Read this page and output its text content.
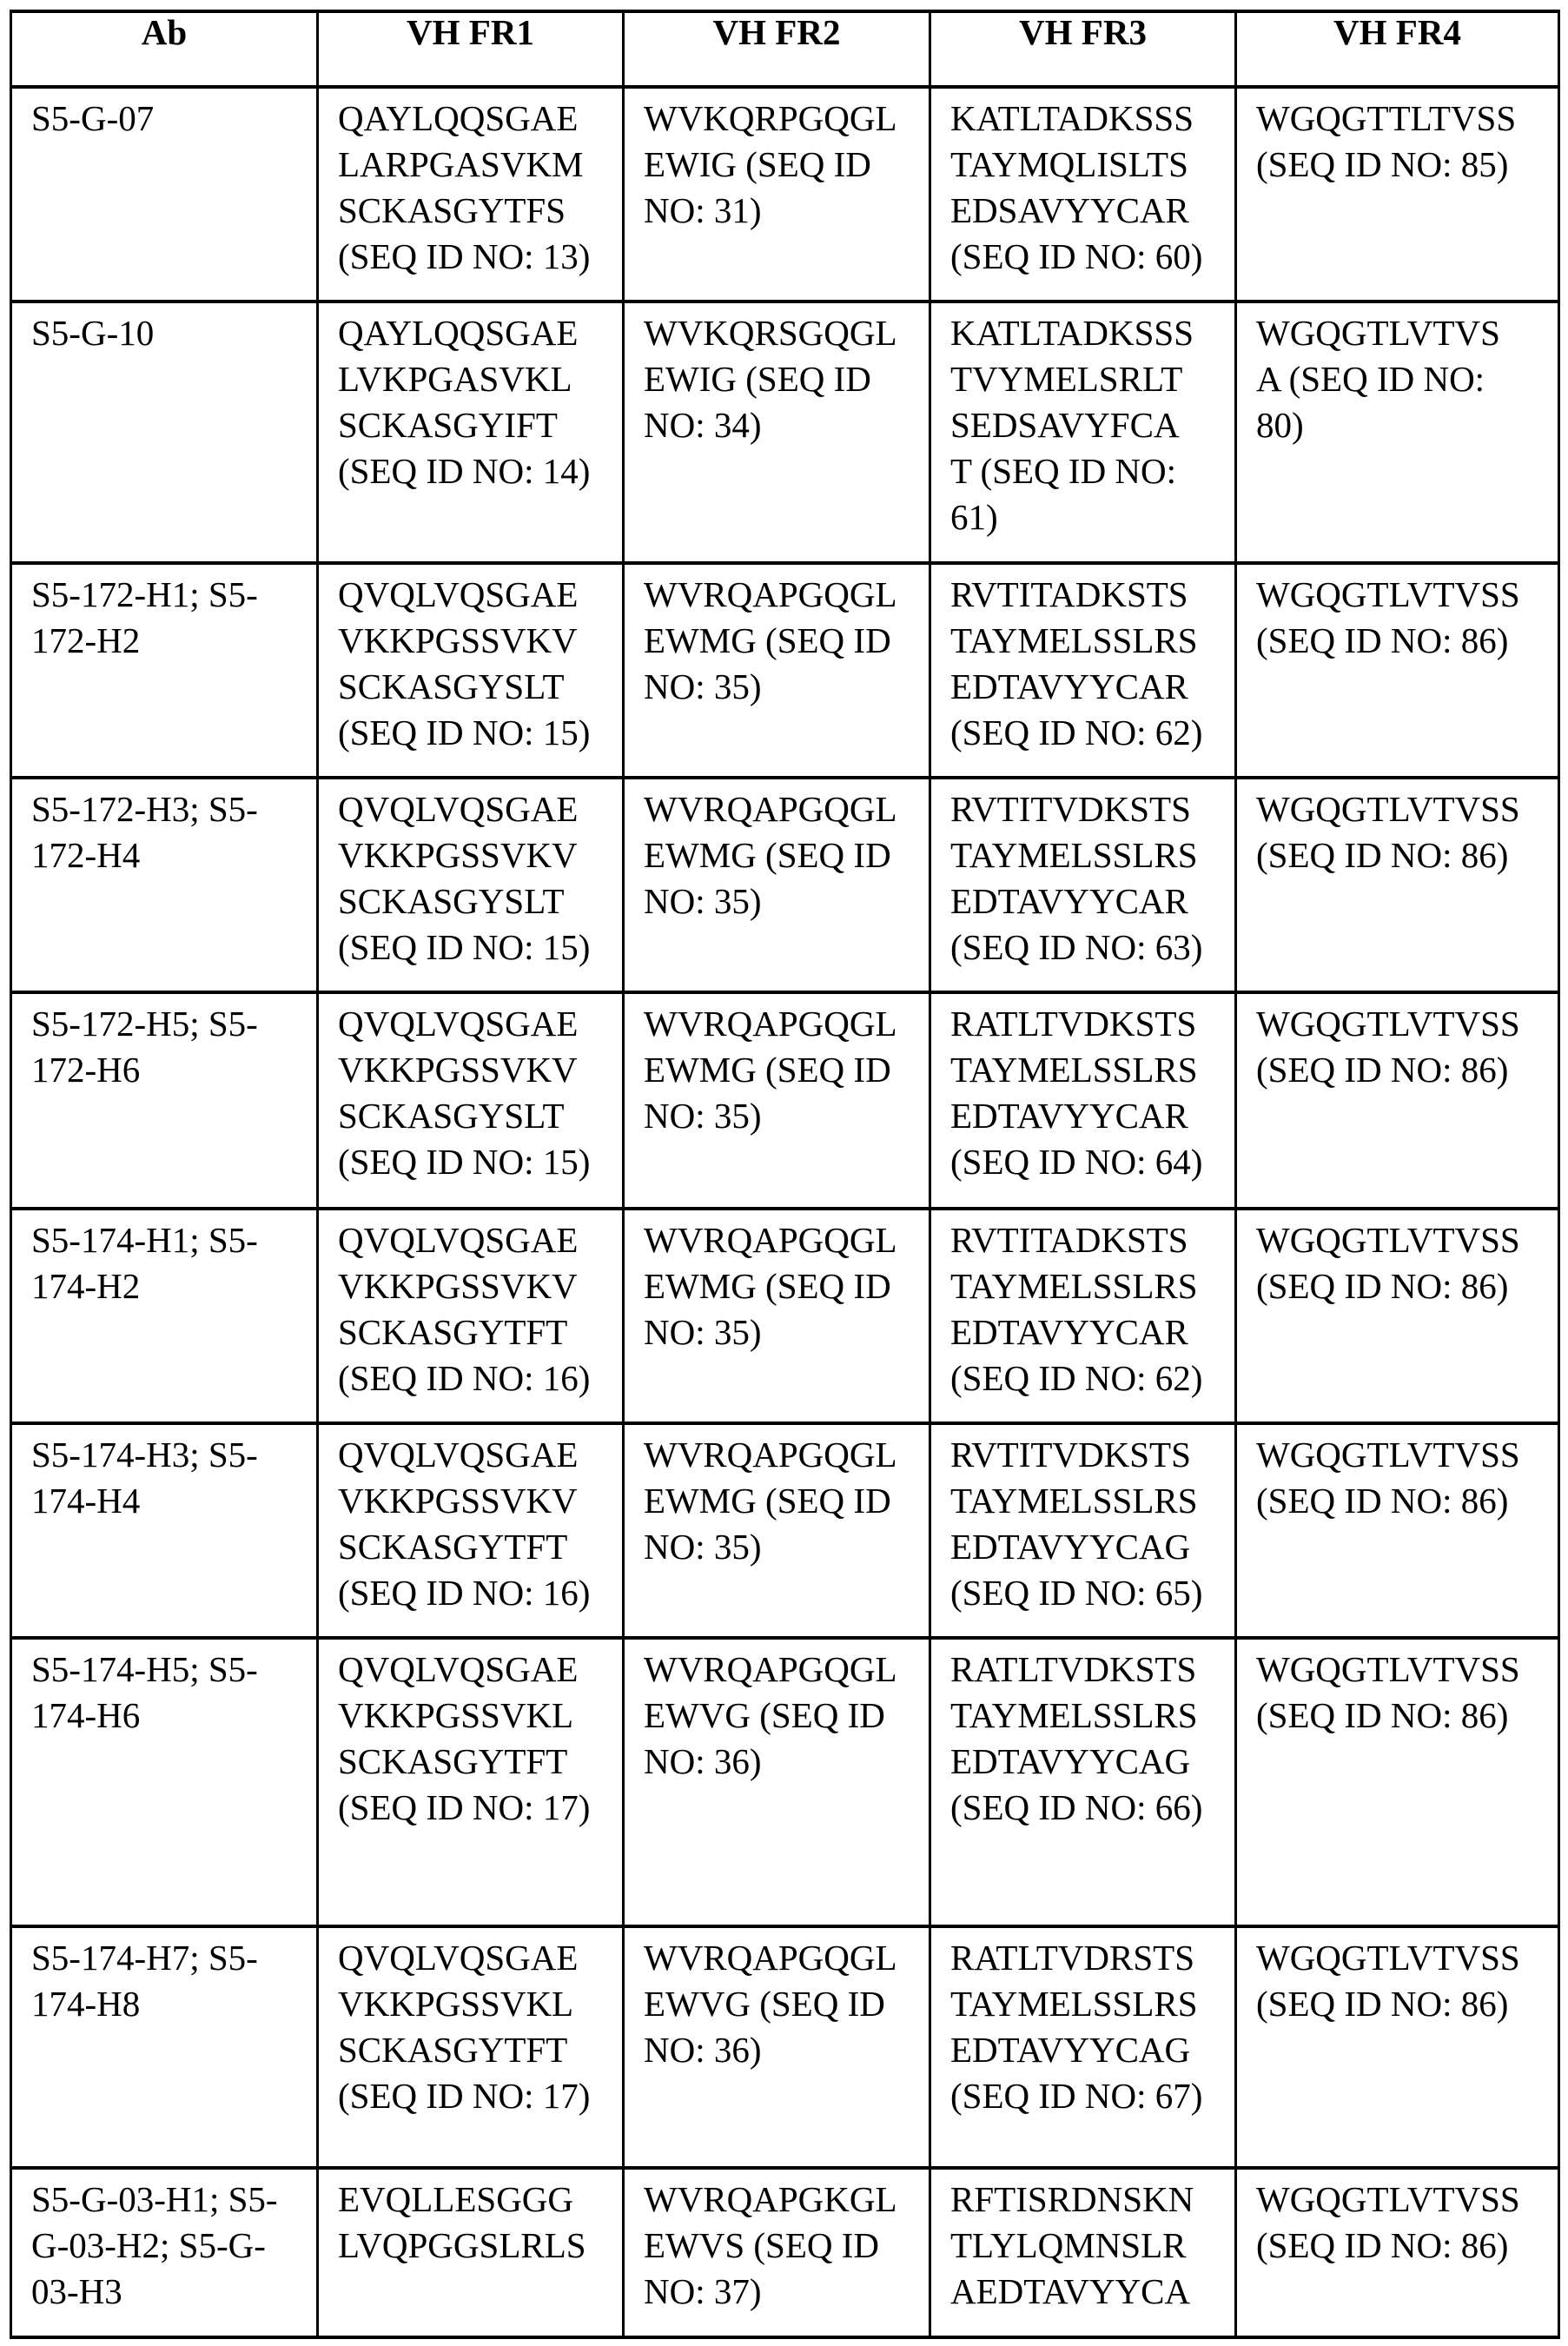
Ab	VH FR1	VH FR2	VH FR3	VH FR4

S5-G-07	QAYLQQSGAE
LARPGASVKM
SCKASGYTFS
(SEQ ID NO: 13)	WVKQRPGQGL
EWIG (SEQ ID
NO: 31)	KATLTADKSSS
TAYMQLISLTS
EDSAVYYCAR
(SEQ ID NO: 60)	WGQGTTLTVSS
(SEQ ID NO: 85)

S5-G-10	QAYLQQSGAE
LVKPGASVKL
SCKASGYIFT
(SEQ ID NO: 14)	WVKQRSGQGL
EWIG (SEQ ID
NO: 34)	KATLTADKSSS
TVYMELSRLT
SEDSAVYFCA
T (SEQ ID NO:
61)	WGQGTLVTVS
A (SEQ ID NO:
80)

S5-172-H1; S5-
172-H2	QVQLVQSGAE
VKKPGSSVKV
SCKASGYSLT
(SEQ ID NO: 15)	WVRQAPGQGL
EWMG (SEQ ID
NO: 35)	RVTITADKSTS
TAYMELSSLRS
EDTAVYYCAR
(SEQ ID NO: 62)	WGQGTLVTVSS
(SEQ ID NO: 86)

S5-172-H3; S5-
172-H4	QVQLVQSGAE
VKKPGSSVKV
SCKASGYSLT
(SEQ ID NO: 15)	WVRQAPGQGL
EWMG (SEQ ID
NO: 35)	RVTITVDKSTS
TAYMELSSLRS
EDTAVYYCAR
(SEQ ID NO: 63)	WGQGTLVTVSS
(SEQ ID NO: 86)

S5-172-H5; S5-
172-H6	QVQLVQSGAE
VKKPGSSVKV
SCKASGYSLT
(SEQ ID NO: 15)	WVRQAPGQGL
EWMG (SEQ ID
NO: 35)	RATLTVDKSTS
TAYMELSSLRS
EDTAVYYCAR
(SEQ ID NO: 64)	WGQGTLVTVSS
(SEQ ID NO: 86)

S5-174-H1; S5-
174-H2	QVQLVQSGAE
VKKPGSSVKV
SCKASGYTFT
(SEQ ID NO: 16)	WVRQAPGQGL
EWMG (SEQ ID
NO: 35)	RVTITADKSTS
TAYMELSSLRS
EDTAVYYCAR
(SEQ ID NO: 62)	WGQGTLVTVSS
(SEQ ID NO: 86)

S5-174-H3; S5-
174-H4	QVQLVQSGAE
VKKPGSSVKV
SCKASGYTFT
(SEQ ID NO: 16)	WVRQAPGQGL
EWMG (SEQ ID
NO: 35)	RVTITVDKSTS
TAYMELSSLRS
EDTAVYYCAG
(SEQ ID NO: 65)	WGQGTLVTVSS
(SEQ ID NO: 86)

S5-174-H5; S5-
174-H6	QVQLVQSGAE
VKKPGSSVKL
SCKASGYTFT
(SEQ ID NO: 17)	WVRQAPGQGL
EWVG (SEQ ID
NO: 36)	RATLTVDKSTS
TAYMELSSLRS
EDTAVYYCAG
(SEQ ID NO: 66)	WGQGTLVTVSS
(SEQ ID NO: 86)

S5-174-H7; S5-
174-H8	QVQLVQSGAE
VKKPGSSVKL
SCKASGYTFT
(SEQ ID NO: 17)	WVRQAPGQGL
EWVG (SEQ ID
NO: 36)	RATLTVDRSTS
TAYMELSSLRS
EDTAVYYCAG
(SEQ ID NO: 67)	WGQGTLVTVSS
(SEQ ID NO: 86)

S5-G-03-H1; S5-
G-03-H2; S5-G-
03-H3	EVQLLESGGG
LVQPGGSLRLS	WVRQAPGKGL
EWVS (SEQ ID
NO: 37)	RFTISRDNSKN
TLYLQMNSLR
AEDTAVYYCA	WGQGTLVTVSS
(SEQ ID NO: 86)
